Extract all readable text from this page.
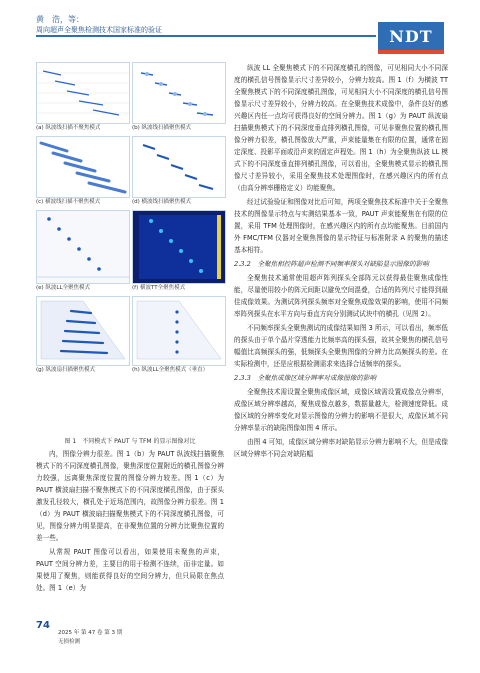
黄　浩，等：
周向超声全聚焦检测技术国家标准的验证	NDT
(a) 纵波线扫描不聚焦模式	(b) 纵波线扫描聚焦模式
(c) 横波线扫描不聚焦模式	(d) 横波线扫描聚焦模式
(e) 纵波LL全聚焦模式	(f) 横波TT全聚焦模式
(g) 纵波扇扫描聚焦模式	(h) 纵波LL全聚焦模式（垂直）
图 1　不同模式下 PAUT 与 TFM 的显示图像对比

内，图像分辨力很差。图 1（b）为 PAUT 纵波线扫描聚焦模式下的不同深度横孔图像，聚焦深度位置附近的横孔图像分辨力较强，远离聚焦深度位置的图像分辨力较差。图 1（c）为 PAUT 横波扇扫描不聚焦模式下的不同深度横孔图像，由于探头激发孔径较大，横孔处于近场范围内，故图像分辨力很差。图 1（d）为 PAUT 横波扇扫描聚焦模式下的不同深度横孔图像，可见，图像分辨力明显提高，在非聚焦位置的分辨力比聚焦位置的差一些。

从常规 PAUT 图像可以看出，如果使用未聚焦的声束，PAUT 空间分辨力差，主要目的用于检测不连续，而非定量。如果使用了聚焦，则能获得良好的空间分辨力，但只局限在焦点处。图 1（e）为

纵波 LL 全聚焦模式下的不同深度横孔的图像，可见相同大小不同深度的横孔信号图像显示尺寸差异较小，分辨力较高。图 1（f）为横波 TT 全聚焦模式下的不同深度横孔图像，可见相同大小不同深度的横孔信号图像显示尺寸差异较小，分辨力较高。在全聚焦技术成像中，条件良好的感兴趣区内任一点均可获得良好的空间分辨力。图 1（g）为 PAUT 纵波扇扫描聚焦模式下的不同深度垂直排列横孔图像，可见非聚焦位置的横孔图像分辨力很差，横孔图像放大严重，声束能量集在有限的位置，通常在固定深度、投影平面或沿声束的固定声程处。图 1（h）为全聚焦纵波 LL 模式下的不同深度垂直排列横孔图像，可以看出，全聚焦模式显示的横孔图像尺寸差异较小，采用全聚焦技术处理图像时，在感兴趣区内的所有点（由高分辨率栅格定义）均能聚焦。

经过试验验证和图像对比后可知，两项全聚焦技术标准中关于全聚焦技术的图像显示特点与实测结果基本一致，PAUT 声束能聚焦在有限的位置，采用 TFM 处理图像时，在感兴趣区内的所有点均能聚焦。目前国内外 FMC/TFM 仪器对全聚焦图像的显示特征与标准附录 A 的聚焦的描述基本相符。

2.3.2　全聚焦相控阵超声检测不同频率探头对缺陷显示图像的影响

全聚焦技术通常使用超声阵列探头全部阵元以获得最佳聚焦成像性能，尽量使用较小的阵元间距以避免空间混叠，合适的阵列尺寸能得到最佳成像效果。为测试阵列探头频率对全聚焦成像效果的影响，使用不同频率阵列探头在水平方向与垂直方向分别测试试块中的横孔（见图 2）。

不同频率探头全聚焦测试的成像结果如图 3 所示，可以看出，频率低的探头由于单个晶片穿透能力比频率高的探头强，故其全聚焦的横孔信号幅值比高频探头的强，低频探头全聚焦图像的分辨力比高频探头的差。在实际检测中，还是应根据检测需求来选择合适频率的探头。

2.3.3　全聚焦成像区域分辨率对成像图像的影响

全聚焦技术需设置全聚焦成像区域，成像区域需设置成像点分辨率，成像区域分辨率越高，聚焦成像点越多，数据量越大，检测速度降低。成像区域的分辨率变化对显示图像的分辨力的影响不是很大，成像区域不同分辨率显示的缺陷图像如图 4 所示。

由图 4 可知，成像区域分辨率对缺陷显示分辨力影响不大，但是成像区域分辨率不同会对缺陷幅

74
2025 年 第 47 卷 第 3 期
无损检测
